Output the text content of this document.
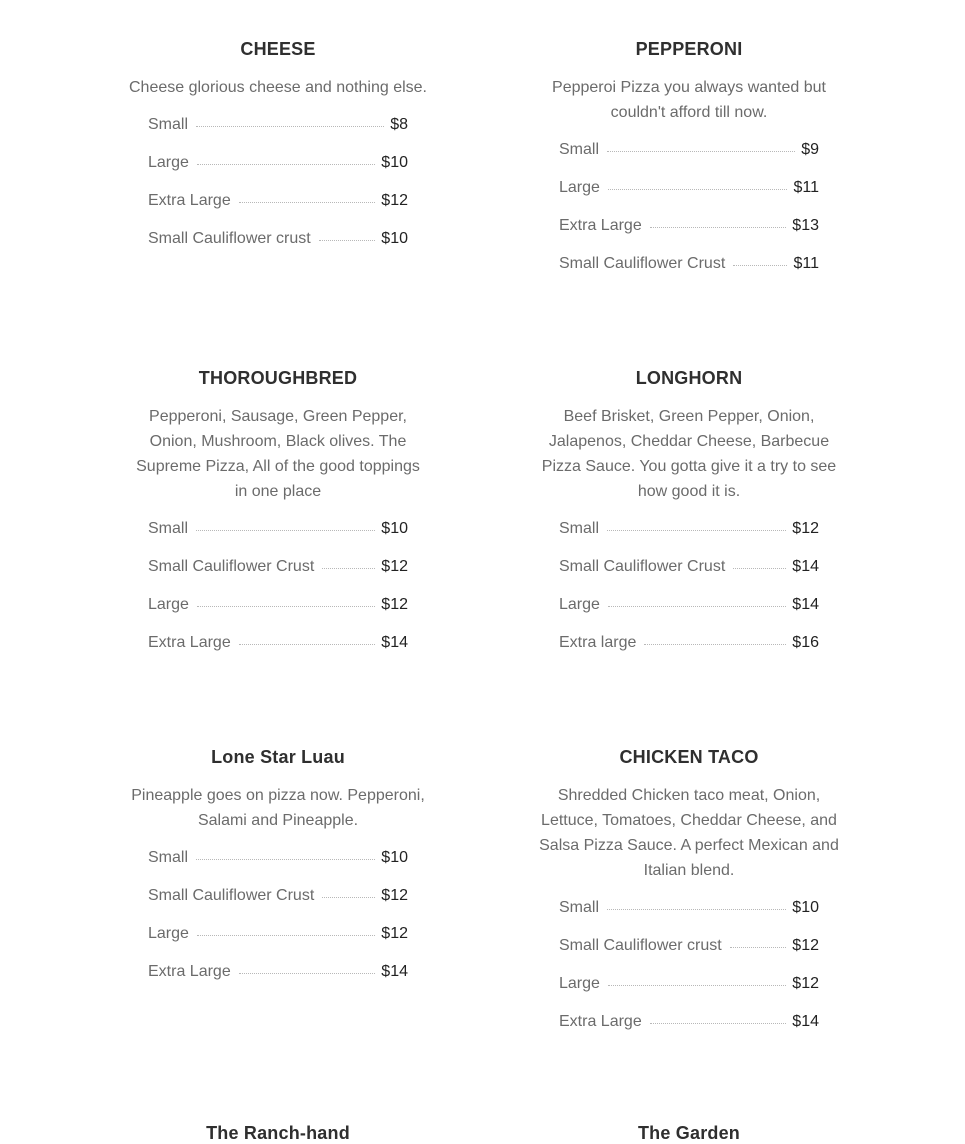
CHEESE

Cheese glorious cheese and nothing else.

Small	$8
Large	$10
Extra Large	$12
Small Cauliflower crust	$10
PEPPERONI

Pepperoi Pizza you always wanted but couldn't afford till now.

Small	$9
Large	$11
Extra Large	$13
Small Cauliflower Crust	$11
THOROUGHBRED

Pepperoni, Sausage, Green Pepper, Onion, Mushroom, Black olives. The Supreme Pizza, All of the good toppings in one place

Small	$10
Small Cauliflower Crust	$12
Large	$12
Extra Large	$14
LONGHORN

Beef Brisket, Green Pepper, Onion, Jalapenos, Cheddar Cheese, Barbecue Pizza Sauce. You gotta give it a try to see how good it is.

Small	$12
Small Cauliflower Crust	$14
Large	$14
Extra large	$16
Lone Star Luau

Pineapple goes on pizza now. Pepperoni, Salami and Pineapple.

Small	$10
Small Cauliflower Crust	$12
Large	$12
Extra Large	$14
CHICKEN TACO

Shredded Chicken taco meat, Onion, Lettuce, Tomatoes, Cheddar Cheese, and Salsa Pizza Sauce. A perfect Mexican and Italian blend.

Small	$10
Small Cauliflower crust	$12
Large	$12
Extra Large	$14
The Ranch-hand	The Garden
